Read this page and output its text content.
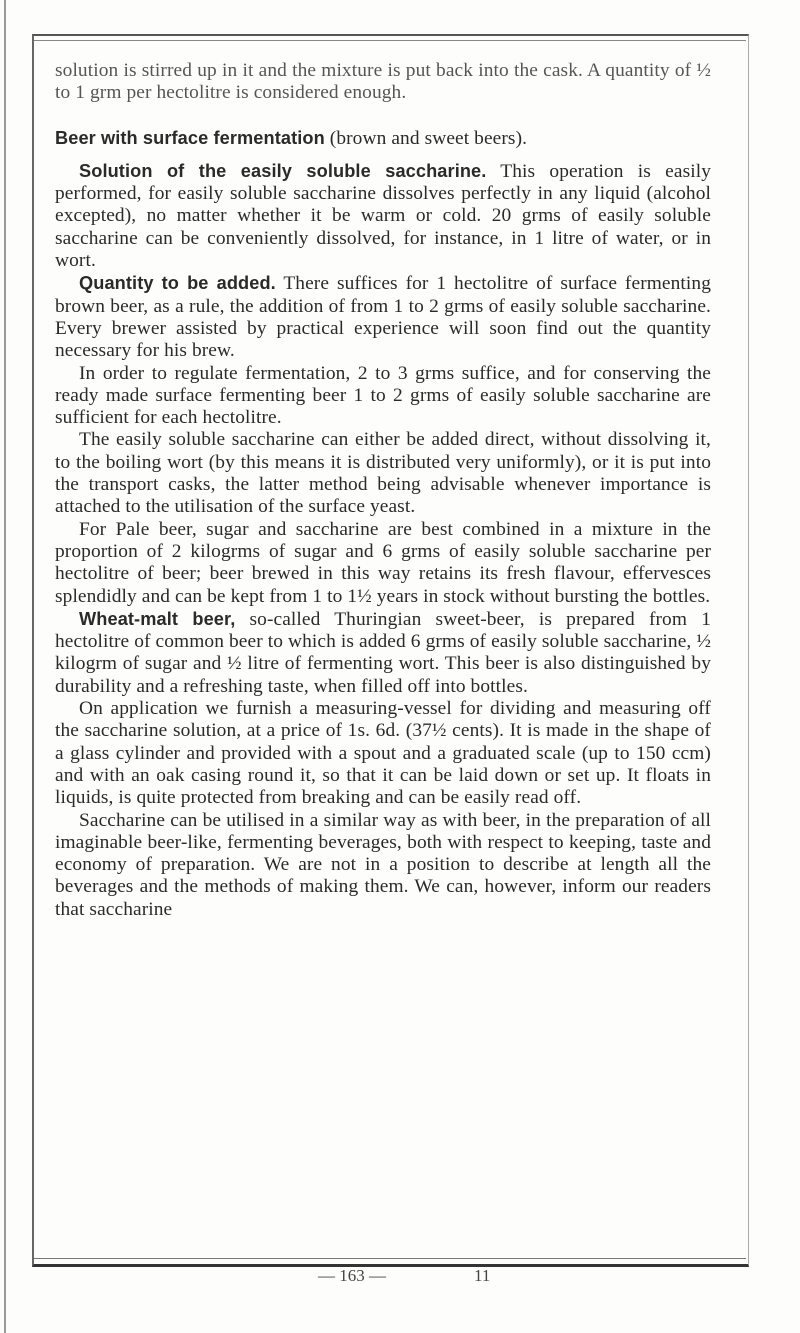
solution is stirred up in it and the mixture is put back into the cask. A quantity of ½ to 1 grm per hectolitre is considered enough.

Beer with surface fermentation (brown and sweet beers).

Solution of the easily soluble saccharine. This operation is easily performed, for easily soluble saccharine dissolves perfectly in any liquid (alcohol excepted), no matter whether it be warm or cold. 20 grms of easily soluble saccharine can be conveniently dissolved, for instance, in 1 litre of water, or in wort.

Quantity to be added. There suffices for 1 hectolitre of surface fermenting brown beer, as a rule, the addition of from 1 to 2 grms of easily soluble saccharine. Every brewer assisted by practical experience will soon find out the quantity necessary for his brew.

In order to regulate fermentation, 2 to 3 grms suffice, and for conserving the ready made surface fermenting beer 1 to 2 grms of easily soluble saccharine are sufficient for each hectolitre.

The easily soluble saccharine can either be added direct, without dissolving it, to the boiling wort (by this means it is distributed very uniformly), or it is put into the transport casks, the latter method being advisable whenever importance is attached to the utilisation of the surface yeast.

For Pale beer, sugar and saccharine are best combined in a mixture in the proportion of 2 kilogrms of sugar and 6 grms of easily soluble saccharine per hectolitre of beer; beer brewed in this way retains its fresh flavour, effervesces splendidly and can be kept from 1 to 1½ years in stock without bursting the bottles.

Wheat-malt beer, so-called Thuringian sweet-beer, is prepared from 1 hectolitre of common beer to which is added 6 grms of easily soluble saccharine, ½ kilogrm of sugar and ½ litre of fermenting wort. This beer is also distinguished by durability and a refreshing taste, when filled off into bottles.

On application we furnish a measuring-vessel for dividing and measuring off the saccharine solution, at a price of 1s. 6d. (37½ cents). It is made in the shape of a glass cylinder and provided with a spout and a graduated scale (up to 150 ccm) and with an oak casing round it, so that it can be laid down or set up. It floats in liquids, is quite protected from breaking and can be easily read off.

Saccharine can be utilised in a similar way as with beer, in the preparation of all imaginable beer-like, fermenting beverages, both with respect to keeping, taste and economy of preparation. We are not in a position to describe at length all the beverages and the methods of making them. We can, however, inform our readers that saccharine

— 163 —	11
